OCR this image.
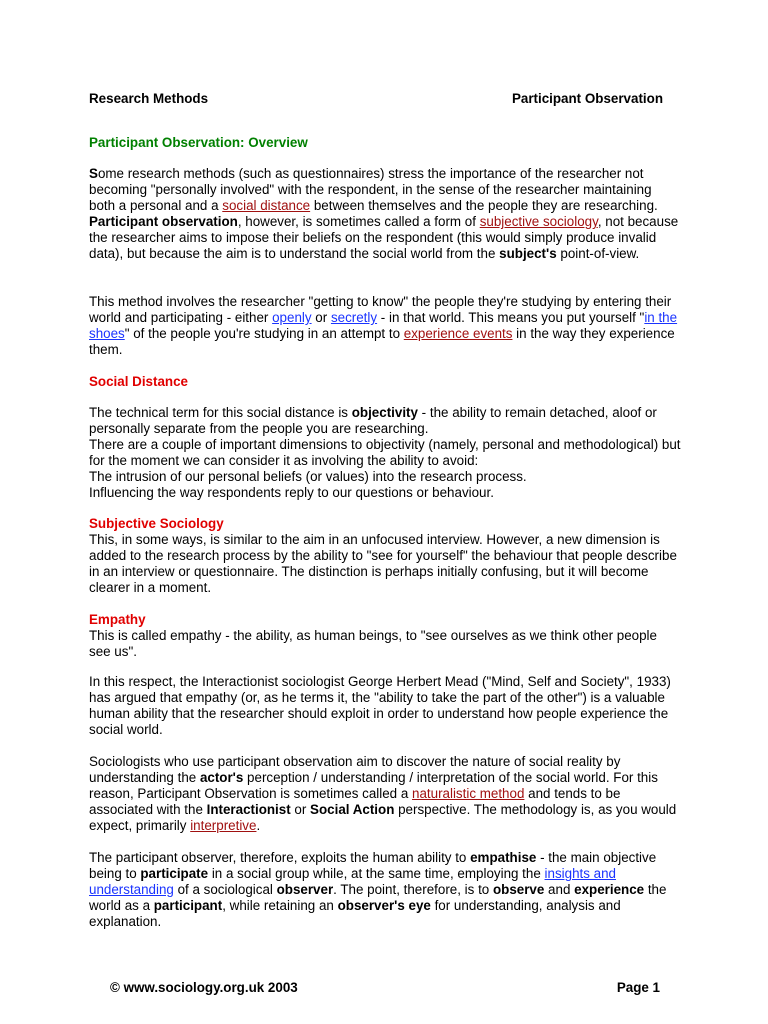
Research Methods	Participant Observation
Participant Observation: Overview

Some research methods (such as questionnaires) stress the importance of the researcher not becoming "personally involved" with the respondent, in the sense of the researcher maintaining both a personal and a social distance between themselves and the people they are researching. Participant observation, however, is sometimes called a form of subjective sociology, not because the researcher aims to impose their beliefs on the respondent (this would simply produce invalid data), but because the aim is to understand the social world from the subject's point-of-view.

This method involves the researcher "getting to know" the people they're studying by entering their world and participating - either openly or secretly - in that world. This means you put yourself "in the shoes" of the people you're studying in an attempt to experience events in the way they experience them.

Social Distance

The technical term for this social distance is objectivity - the ability to remain detached, aloof or personally separate from the people you are researching.

There are a couple of important dimensions to objectivity (namely, personal and methodological) but for the moment we can consider it as involving the ability to avoid:

The intrusion of our personal beliefs (or values) into the research process.

Influencing the way respondents reply to our questions or behaviour.

Subjective Sociology

This, in some ways, is similar to the aim in an unfocused interview. However, a new dimension is added to the research process by the ability to "see for yourself" the behaviour that people describe in an interview or questionnaire. The distinction is perhaps initially confusing, but it will become clearer in a moment.

Empathy

This is called empathy - the ability, as human beings, to "see ourselves as we think other people see us".

In this respect, the Interactionist sociologist George Herbert Mead ("Mind, Self and Society", 1933) has argued that empathy (or, as he terms it, the "ability to take the part of the other") is a valuable human ability that the researcher should exploit in order to understand how people experience the social world.

Sociologists who use participant observation aim to discover the nature of social reality by understanding the actor's perception / understanding / interpretation of the social world. For this reason, Participant Observation is sometimes called a naturalistic method and tends to be associated with the Interactionist or Social Action perspective. The methodology is, as you would expect, primarily interpretive.

The participant observer, therefore, exploits the human ability to empathise - the main objective being to participate in a social group while, at the same time, employing the insights and understanding of a sociological observer. The point, therefore, is to observe and experience the world as a participant, while retaining an observer's eye for understanding, analysis and explanation.

© www.sociology.org.uk 2003	Page 1
